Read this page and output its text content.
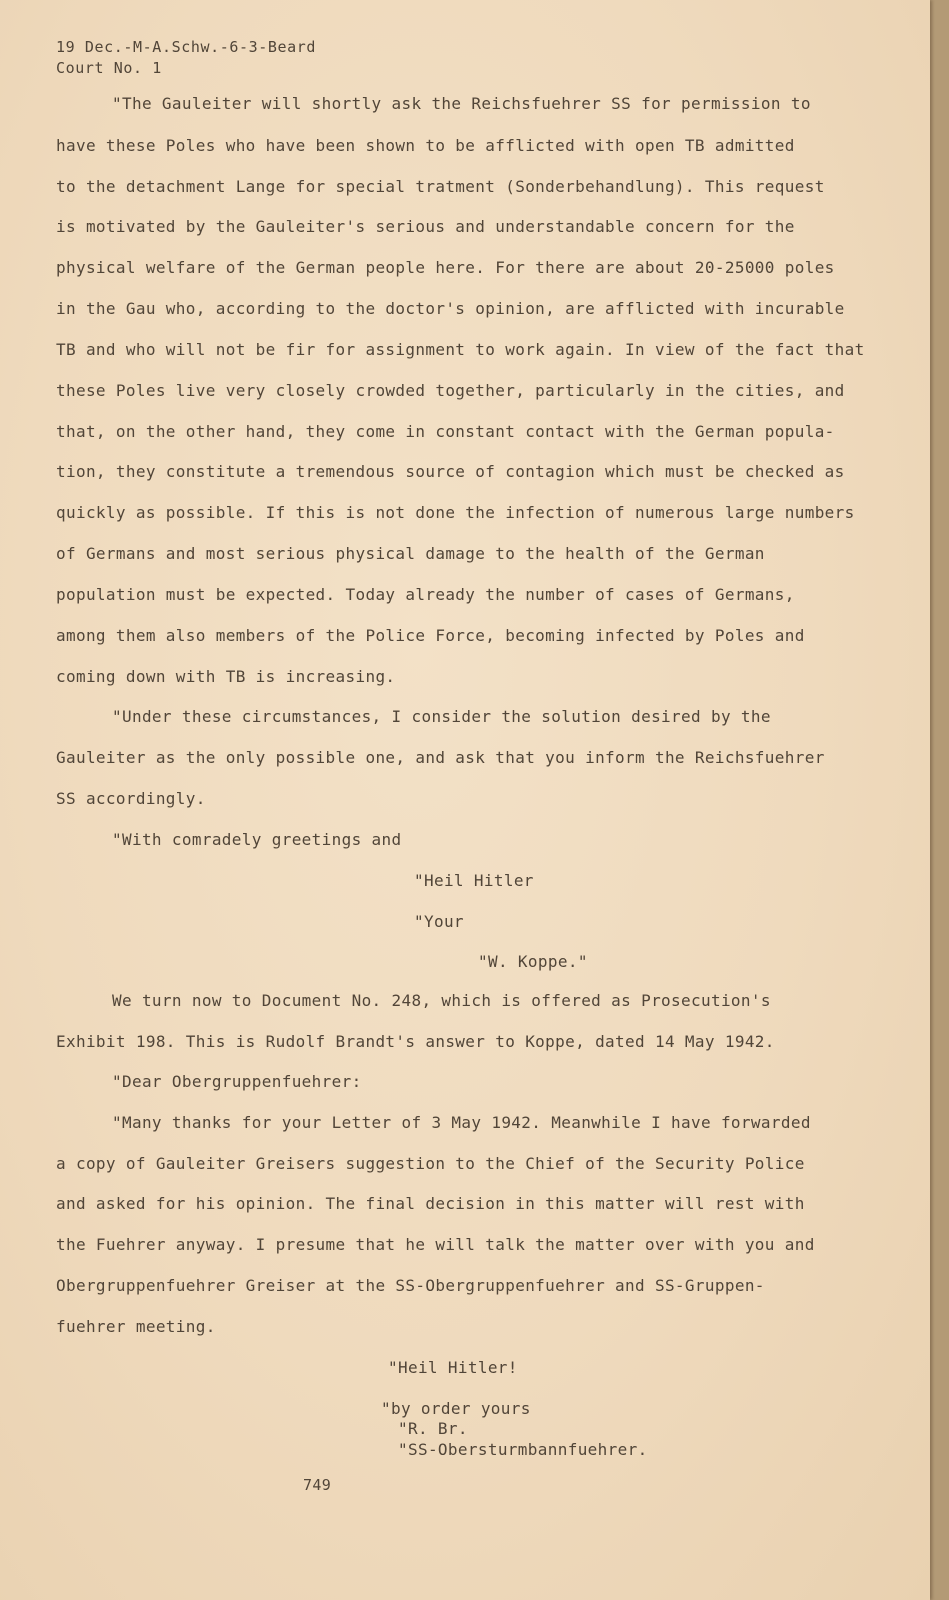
19 Dec.-M-A.Schw.-6-3-Beard
Court No. 1
"The Gauleiter will shortly ask the Reichsfuehrer SS for permission to
have these Poles who have been shown to be afflicted with open TB admitted
to the detachment Lange for special tratment (Sonderbehandlung). This request
is motivated by the Gauleiter's serious and understandable concern for the
physical welfare of the German people here. For there are about 20-25000 poles
in the Gau who, according to the doctor's opinion, are afflicted with incurable
TB and who will not be fir for assignment to work again. In view of the fact that
these Poles live very closely crowded together, particularly in the cities, and
that, on the other hand, they come in constant contact with the German popula-
tion, they constitute a tremendous source of contagion which must be checked as
quickly as possible. If this is not done the infection of numerous large numbers
of Germans and most serious physical damage to the health of the German
population must be expected. Today already the number of cases of Germans,
among them also members of the Police Force, becoming infected by Poles and
coming down with TB is increasing.
"Under these circumstances, I consider the solution desired by the
Gauleiter as the only possible one, and ask that you inform the Reichsfuehrer
SS accordingly.
"With comradely greetings and
"Heil Hitler
"Your
"W. Koppe."
We turn now to Document No. 248, which is offered as Prosecution's
Exhibit 198. This is Rudolf Brandt's answer to Koppe, dated 14 May 1942.
"Dear Obergruppenfuehrer:
"Many thanks for your Letter of 3 May 1942. Meanwhile I have forwarded
a copy of Gauleiter Greisers suggestion to the Chief of the Security Police
and asked for his opinion. The final decision in this matter will rest with
the Fuehrer anyway. I presume that he will talk the matter over with you and
Obergruppenfuehrer Greiser at the SS-Obergruppenfuehrer and SS-Gruppen-
fuehrer meeting.
"Heil Hitler!
"by order yours
"R. Br.
"SS-Obersturmbannfuehrer.
749
